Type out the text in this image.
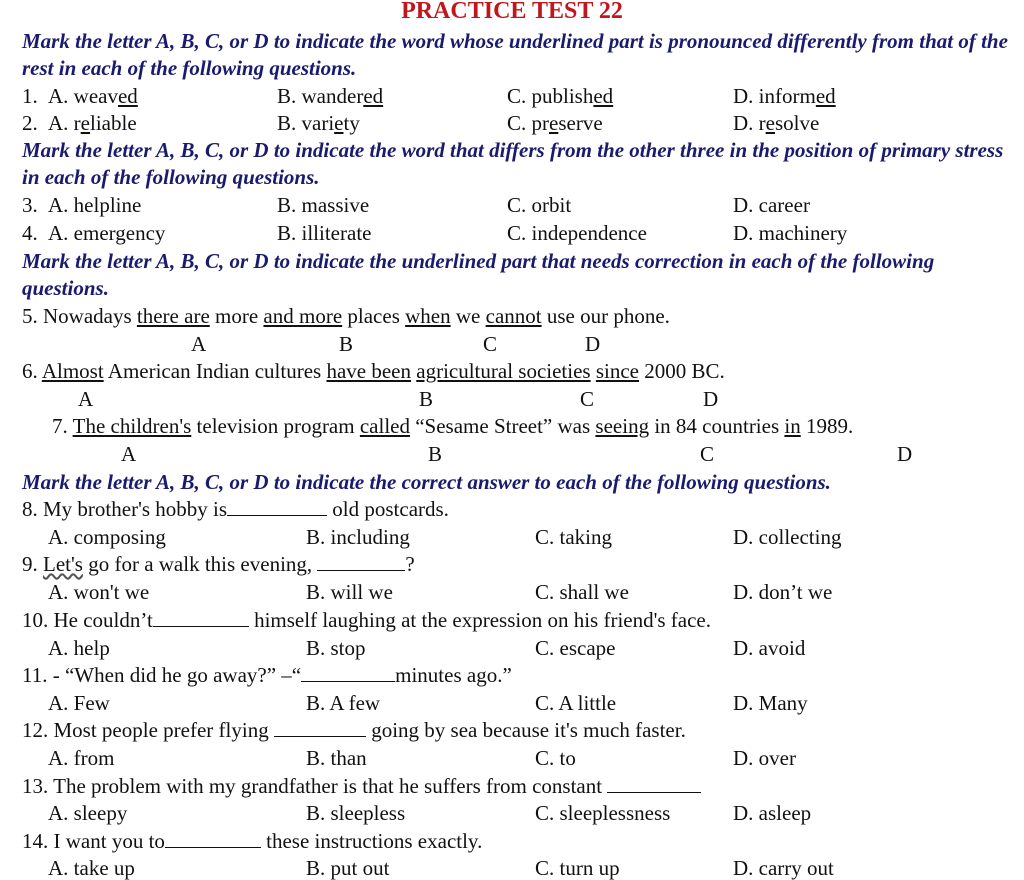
PRACTICE TEST 22
Mark the letter A, B, C, or D to indicate the word whose underlined part is pronounced differently from that of the rest in each of the following questions.
1. A. weaved	B. wandered	C. published	D. informed
2. A. reliable	B. variety	C. preserve	D. resolve
Mark the letter A, B, C, or D to indicate the word that differs from the other three in the position of primary stress in each of the following questions.
3. A. helpline	B. massive	C. orbit	D. career
4. A. emergency	B. illiterate	C. independence	D. machinery
Mark the letter A, B, C, or D to indicate the underlined part that needs correction in each of the following questions.
5. Nowadays there are more and more places when we cannot use our phone.
A	B	C	D
6. Almost American Indian cultures have been agricultural societies since 2000 BC.
A	B	C	D
7. The children's television program called “Sesame Street” was seeing in 84 countries in 1989.
A	B	C	D
Mark the letter A, B, C, or D to indicate the correct answer to each of the following questions.
8. My brother's hobby is	old postcards.
A. composing	B. including	C. taking	D. collecting
9. Let's go for a walk this evening,	?
A. won't we	B. will we	C. shall we	D. don’t we
10. He couldn’t	himself laughing at the expression on his friend's face.
A. help	B. stop	C. escape	D. avoid
11. - “When did he go away?” –“	minutes ago.”
A. Few	B. A few	C. A little	D. Many
12. Most people prefer flying	going by sea because it's much faster.
A. from	B. than	C. to	D. over
13. The problem with my grandfather is that he suffers from constant
A. sleepy	B. sleepless	C. sleeplessness	D. asleep
14. I want you to	these instructions exactly.
A. take up	B. put out	C. turn up	D. carry out
